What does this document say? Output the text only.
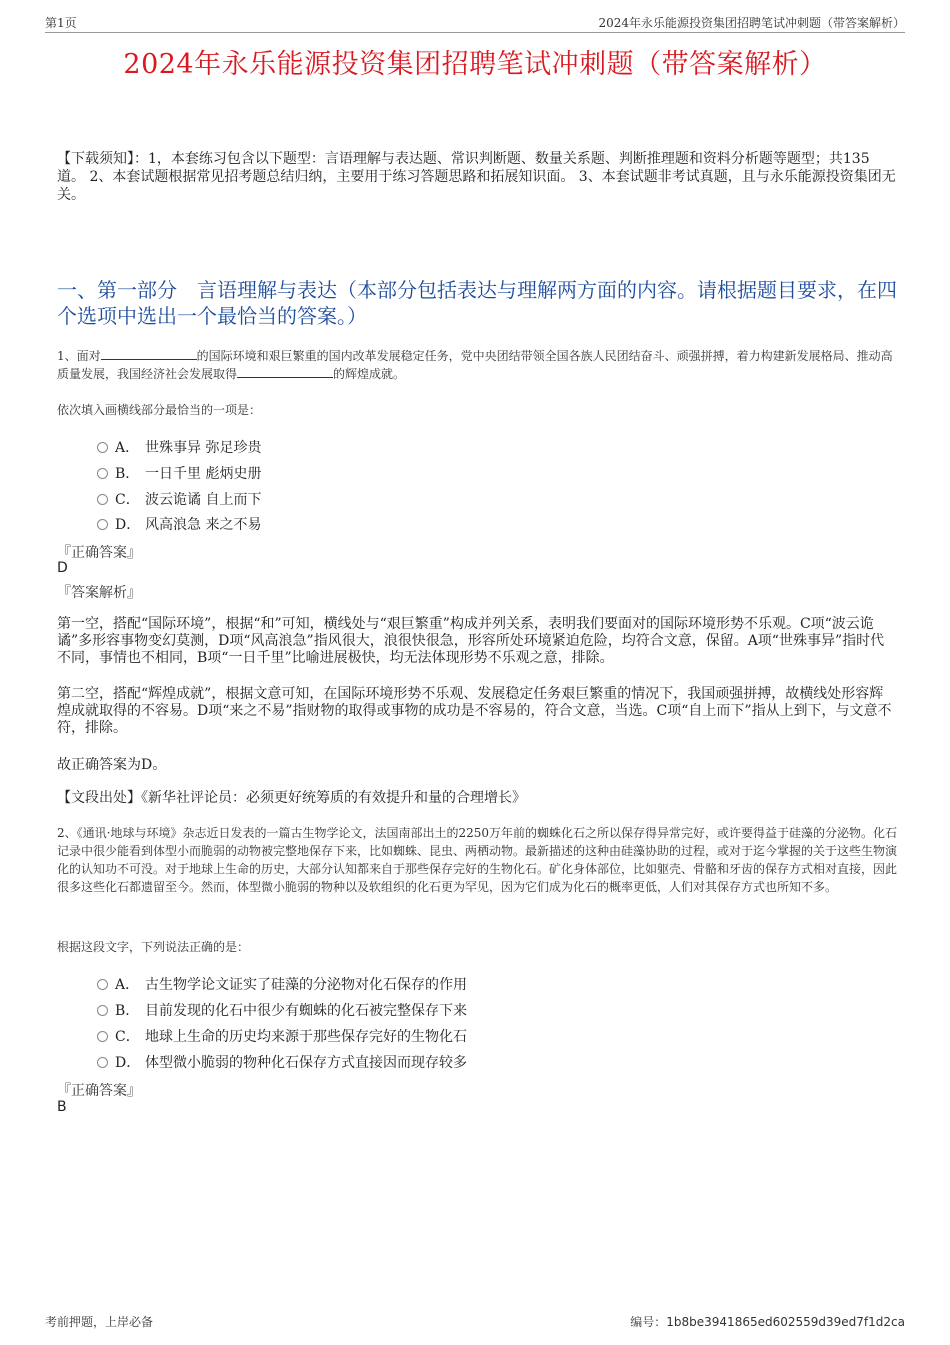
第1页	2024年永乐能源投资集团招聘笔试冲刺题（带答案解析）
2024年永乐能源投资集团招聘笔试冲刺题（带答案解析）
【下载须知】：1，本套练习包含以下题型：言语理解与表达题、常识判断题、数量关系题、判断推理题和资料分析题等题型；共135道。 2、本套试题根据常见招考题总结归纳，主要用于练习答题思路和拓展知识面。 3、本套试题非考试真题，且与永乐能源投资集团无关。
一、第一部分　言语理解与表达（本部分包括表达与理解两方面的内容。请根据题目要求，在四个选项中选出一个最恰当的答案。）
1、面对	的国际环境和艰巨繁重的国内改革发展稳定任务，党中央团结带领全国各族人民团结奋斗、顽强拼搏，着力构建新发展格局、推动高质量发展，我国经济社会发展取得	的辉煌成就。
依次填入画横线部分最恰当的一项是：
A． 世殊事异 弥足珍贵
B． 一日千里 彪炳史册
C． 波云诡谲 自上而下
D． 风高浪急 来之不易
『正确答案』
D
『答案解析』
第一空，搭配“国际环境”，根据“和”可知，横线处与“艰巨繁重”构成并列关系，表明我们要面对的国际环境形势不乐观。C项“波云诡谲”多形容事物变幻莫测，D项“风高浪急”指风很大，浪很快很急，形容所处环境紧迫危险，均符合文意，保留。A项“世殊事异”指时代不同，事情也不相同，B项“一日千里”比喻进展极快，均无法体现形势不乐观之意，排除。
第二空，搭配“辉煌成就”，根据文意可知，在国际环境形势不乐观、发展稳定任务艰巨繁重的情况下，我国顽强拼搏，故横线处形容辉煌成就取得的不容易。D项“来之不易”指财物的取得或事物的成功是不容易的，符合文意，当选。C项“自上而下”指从上到下，与文意不符，排除。
故正确答案为D。
【文段出处】《新华社评论员：必须更好统筹质的有效提升和量的合理增长》
2、《通讯·地球与环境》杂志近日发表的一篇古生物学论文，法国南部出土的2250万年前的蜘蛛化石之所以保存得异常完好，或许要得益于硅藻的分泌物。化石记录中很少能看到体型小而脆弱的动物被完整地保存下来，比如蜘蛛、昆虫、两栖动物。最新描述的这种由硅藻协助的过程，或对于迄今掌握的关于这些生物演化的认知功不可没。对于地球上生命的历史，大部分认知都来自于那些保存完好的生物化石。矿化身体部位，比如躯壳、骨骼和牙齿的保存方式相对直接，因此很多这些化石都遗留至今。然而，体型微小脆弱的物种以及软组织的化石更为罕见，因为它们成为化石的概率更低，人们对其保存方式也所知不多。
根据这段文字，下列说法正确的是：
A． 古生物学论文证实了硅藻的分泌物对化石保存的作用
B． 目前发现的化石中很少有蜘蛛的化石被完整保存下来
C． 地球上生命的历史均来源于那些保存完好的生物化石
D． 体型微小脆弱的物种化石保存方式直接因而现存较多
『正确答案』
B
考前押题，上岸必备	编号：1b8be3941865ed602559d39ed7f1d2ca
